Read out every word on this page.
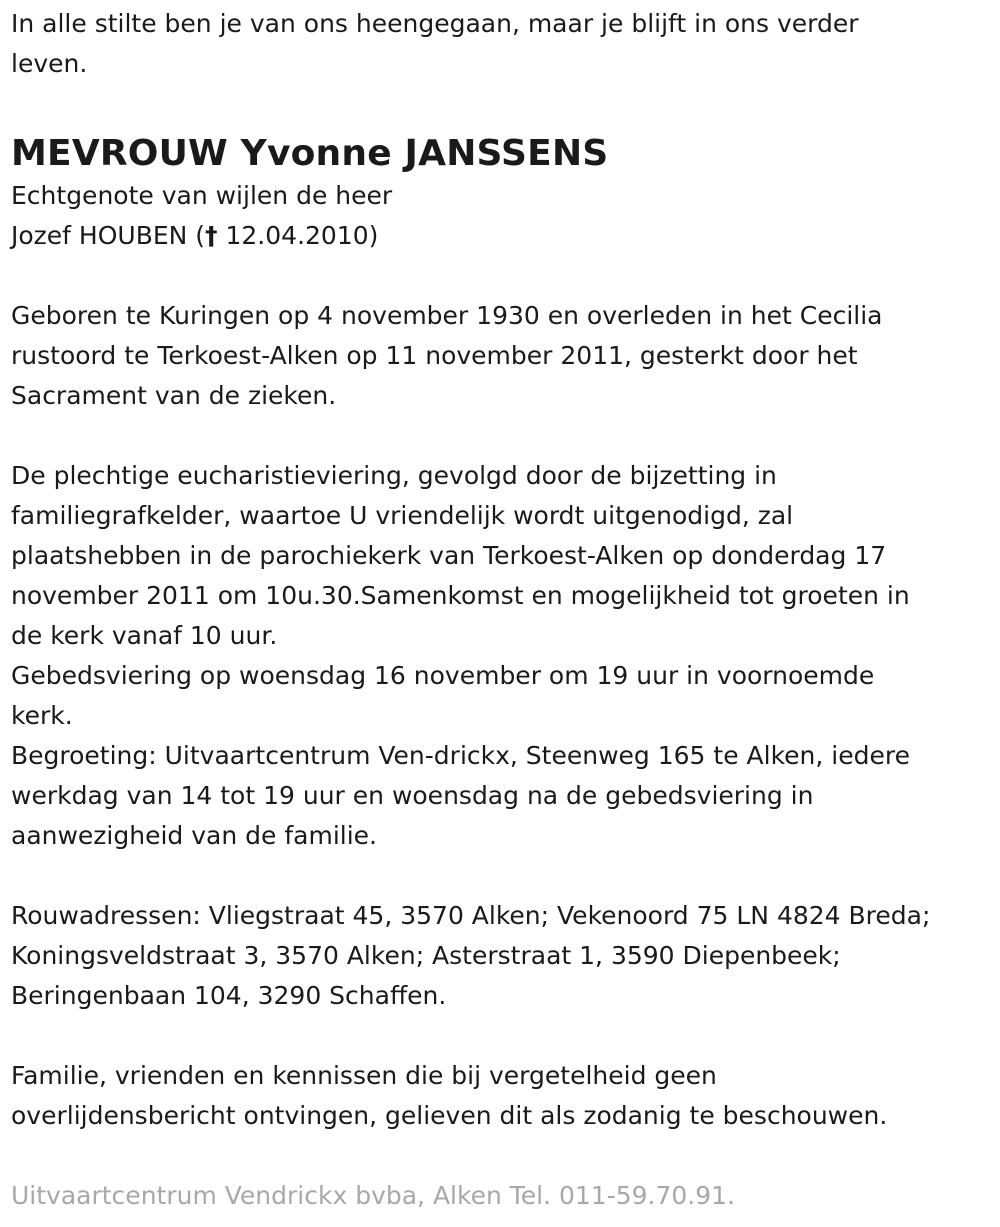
In alle stilte ben je van ons heengegaan, maar je blijft in ons verder

leven.

MEVROUW Yvonne JANSSENS

Echtgenote van wijlen de heer

Jozef HOUBEN († 12.04.2010)

Geboren te Kuringen op 4 november 1930 en overleden in het Cecilia

rustoord te Terkoest-Alken op 11 november 2011, gesterkt door het

Sacrament van de zieken.

De plechtige eucharistieviering, gevolgd door de bijzetting in

familiegrafkelder, waartoe U vriendelijk wordt uitgenodigd, zal

plaatshebben in de parochiekerk van Terkoest-Alken op donderdag 17

november 2011 om 10u.30.Samenkomst en mogelijkheid tot groeten in

de kerk vanaf 10 uur.

Gebedsviering op woensdag 16 november om 19 uur in voornoemde

kerk.

Begroeting: Uitvaartcentrum Ven-drickx, Steenweg 165 te Alken, iedere

werkdag van 14 tot 19 uur en woensdag na de gebedsviering in

aanwezigheid van de familie.

Rouwadressen: Vliegstraat 45, 3570 Alken; Vekenoord 75 LN 4824 Breda;

Koningsveldstraat 3, 3570 Alken; Asterstraat 1, 3590 Diepenbeek;

Beringenbaan 104, 3290 Schaffen.

Familie, vrienden en kennissen die bij vergetelheid geen

overlijdensbericht ontvingen, gelieven dit als zodanig te beschouwen.

Uitvaartcentrum Vendrickx bvba, Alken Tel. 011-59.70.91.
